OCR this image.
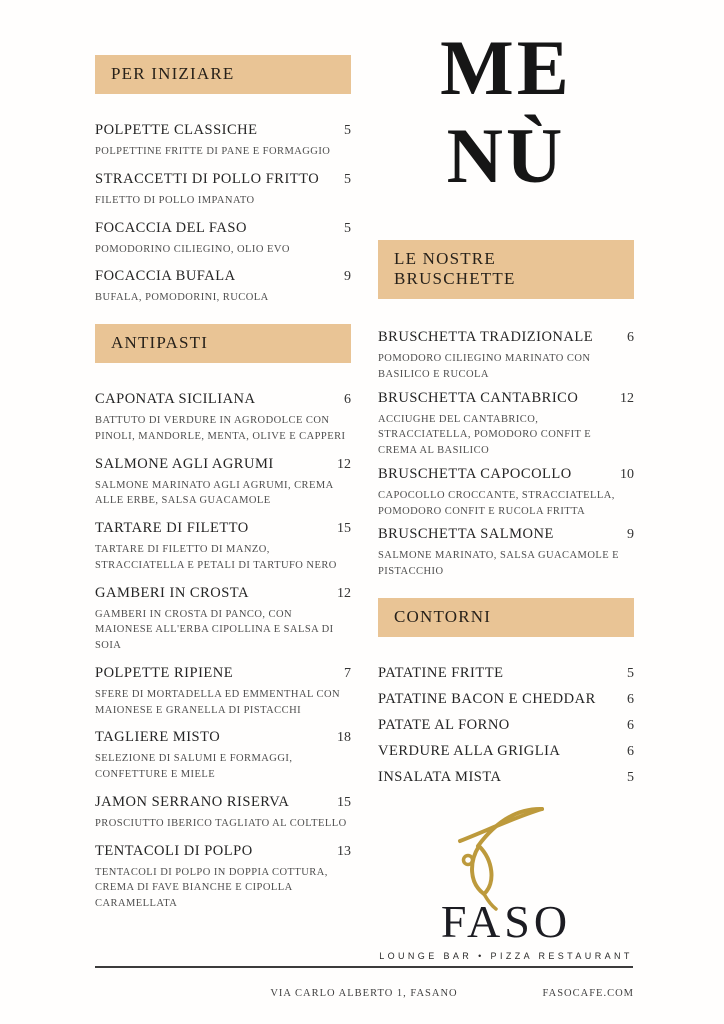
PER INIZIARE
POLPETTE CLASSICHE	5
POLPETTINE FRITTE DI PANE E FORMAGGIO
STRACCETTI DI POLLO FRITTO 5
FILETTO DI POLLO IMPANATO
FOCACCIA DEL FASO	5
POMODORINO CILIEGINO, OLIO EVO
FOCACCIA BUFALA	9
BUFALA, POMODORINI, RUCOLA
ANTIPASTI
CAPONATA SICILIANA	6
BATTUTO DI VERDURE IN AGRODOLCE CON PINOLI, MANDORLE, MENTA, OLIVE E CAPPERI
SALMONE AGLI AGRUMI	12
SALMONE MARINATO AGLI AGRUMI, CREMA ALLE ERBE, SALSA GUACAMOLE
TARTARE DI FILETTO	15
TARTARE DI FILETTO DI MANZO, STRACCIATELLA E PETALI DI TARTUFO NERO
GAMBERI IN CROSTA	12
GAMBERI IN CROSTA DI PANCO, CON MAIONESE ALL'ERBA CIPOLLINA E SALSA DI SOIA
POLPETTE RIPIENE	7
SFERE DI MORTADELLA ED EMMENTHAL CON MAIONESE E GRANELLA DI PISTACCHI
TAGLIERE MISTO	18
SELEZIONE DI SALUMI E FORMAGGI, CONFETTURE E MIELE
JAMON SERRANO RISERVA	15
PROSCIUTTO IBERICO TAGLIATO AL COLTELLO
TENTACOLI DI POLPO	13
TENTACOLI DI POLPO IN DOPPIA COTTURA, CREMA DI FAVE BIANCHE E CIPOLLA CARAMELLATA
ME
NÙ
LE NOSTRE BRUSCHETTE
BRUSCHETTA TRADIZIONALE 6
POMODORO CILIEGINO MARINATO CON BASILICO E RUCOLA
BRUSCHETTA CANTABRICO	12
ACCIUGHE DEL CANTABRICO, STRACCIATELLA, POMODORO CONFIT E CREMA AL BASILICO
BRUSCHETTA CAPOCOLLO	10
CAPOCOLLO CROCCANTE, STRACCIATELLA, POMODORO CONFIT E RUCOLA FRITTA
BRUSCHETTA SALMONE	9
SALMONE MARINATO, SALSA GUACAMOLE E PISTACCHIO
CONTORNI
PATATINE FRITTE	5
PATATINE BACON E CHEDDAR 6
PATATE AL FORNO	6
VERDURE ALLA GRIGLIA	6
INSALATA MISTA	5
FASO
LOUNGE BAR • PIZZA RESTAURANT
VIA CARLO ALBERTO 1, FASANO	FASOCAFE.COM
